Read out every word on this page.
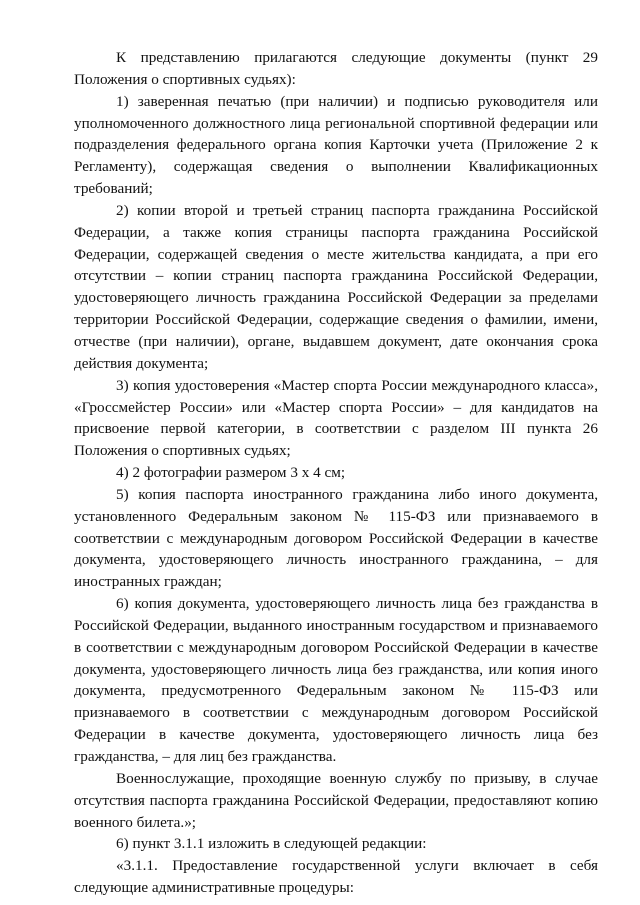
К представлению прилагаются следующие документы (пункт 29 Положения о спортивных судьях):

1) заверенная печатью (при наличии) и подписью руководителя или уполномоченного должностного лица региональной спортивной федерации или подразделения федерального органа копия Карточки учета (Приложение 2 к Регламенту), содержащая сведения о выполнении Квалификационных требований;

2) копии второй и третьей страниц паспорта гражданина Российской Федерации, а также копия страницы паспорта гражданина Российской Федерации, содержащей сведения о месте жительства кандидата, а при его отсутствии – копии страниц паспорта гражданина Российской Федерации, удостоверяющего личность гражданина Российской Федерации за пределами территории Российской Федерации, содержащие сведения о фамилии, имени, отчестве (при наличии), органе, выдавшем документ, дате окончания срока действия документа;

3) копия удостоверения «Мастер спорта России международного класса», «Гроссмейстер России» или «Мастер спорта России» – для кандидатов на присвоение первой категории, в соответствии с разделом III пункта 26 Положения о спортивных судьях;

4) 2 фотографии размером 3 х 4 см;

5) копия паспорта иностранного гражданина либо иного документа, установленного Федеральным законом № 115-ФЗ или признаваемого в соответствии с международным договором Российской Федерации в качестве документа, удостоверяющего личность иностранного гражданина, – для иностранных граждан;

6) копия документа, удостоверяющего личность лица без гражданства в Российской Федерации, выданного иностранным государством и признаваемого в соответствии с международным договором Российской Федерации в качестве документа, удостоверяющего личность лица без гражданства, или копия иного документа, предусмотренного Федеральным законом № 115-ФЗ или признаваемого в соответствии с международным договором Российской Федерации в качестве документа, удостоверяющего личность лица без гражданства, – для лиц без гражданства.

Военнослужащие, проходящие военную службу по призыву, в случае отсутствия паспорта гражданина Российской Федерации, предоставляют копию военного билета.»;

6) пункт 3.1.1 изложить в следующей редакции:

«3.1.1. Предоставление государственной услуги включает в себя следующие административные процедуры:
